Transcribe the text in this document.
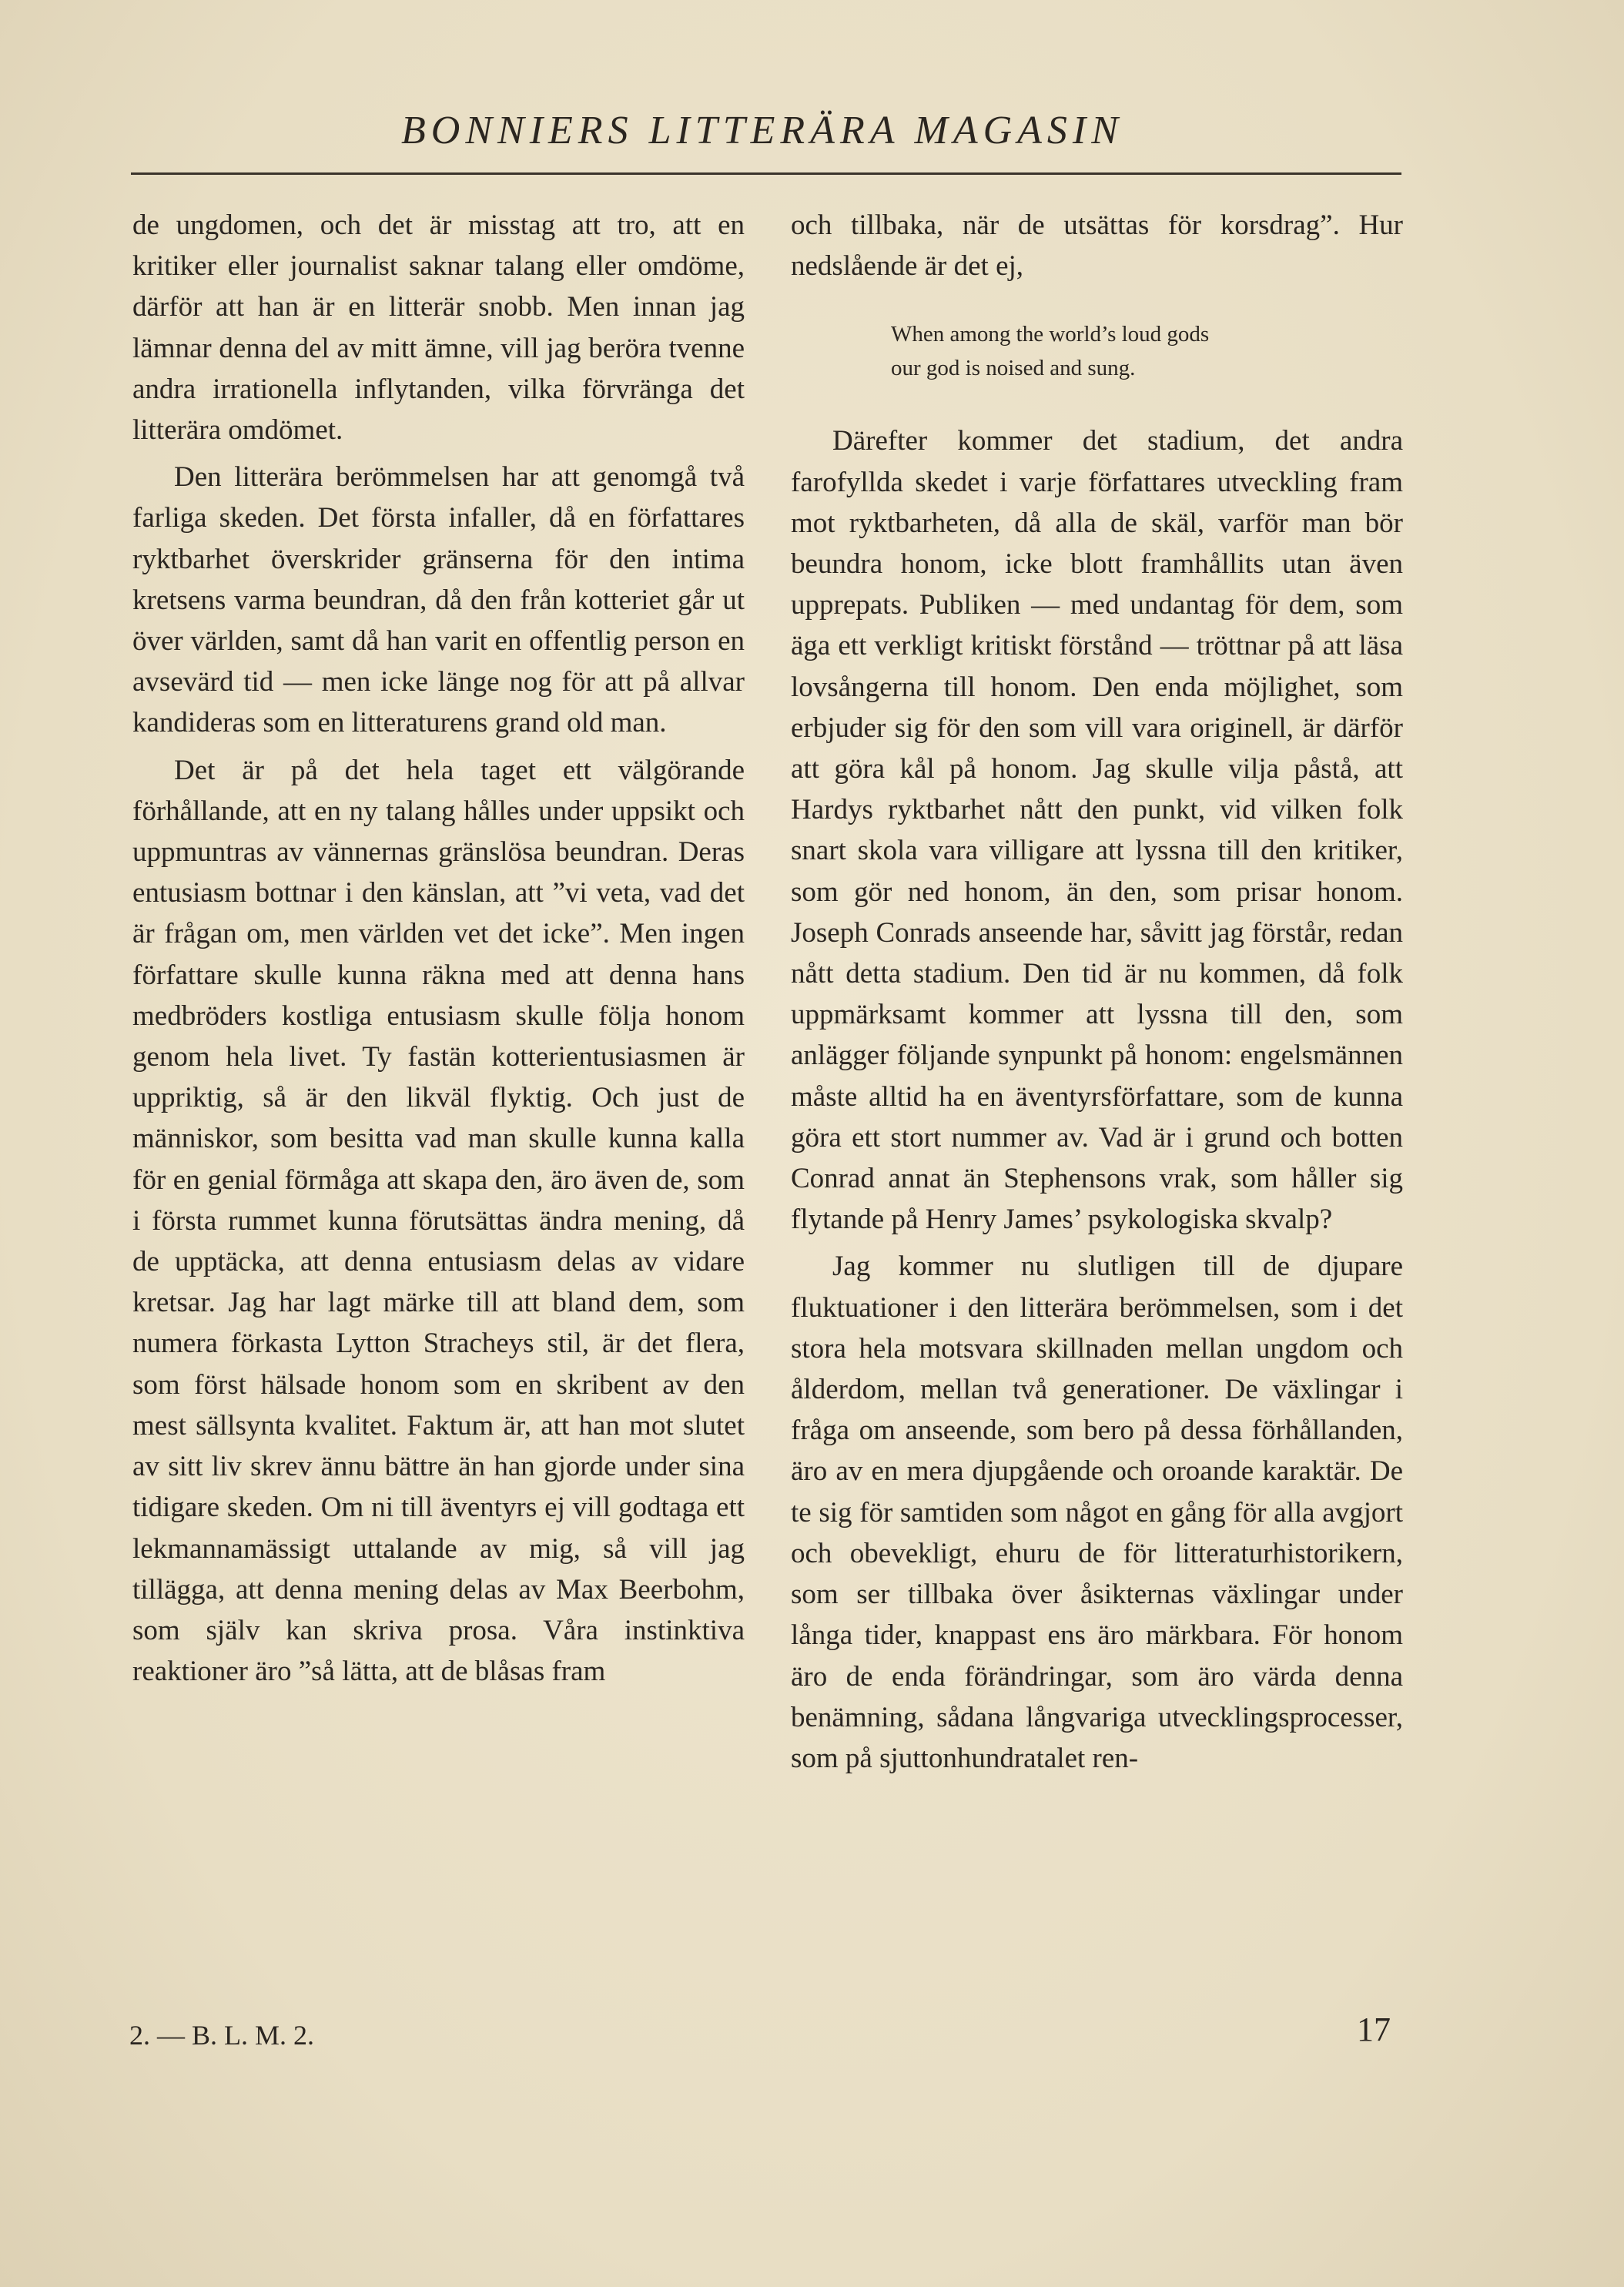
BONNIERS LITTERÄRA MAGASIN

de ungdomen, och det är misstag att tro, att en kritiker eller journalist saknar talang eller omdöme, därför att han är en litterär snobb. Men innan jag lämnar denna del av mitt ämne, vill jag beröra tvenne andra irrationella inflytanden, vilka förvränga det litterära omdömet.

Den litterära berömmelsen har att genomgå två farliga skeden. Det första infaller, då en författares ryktbarhet överskrider gränserna för den intima kretsens varma beundran, då den från kotteriet går ut över världen, samt då han varit en offentlig person en avsevärd tid — men icke länge nog för att på allvar kandideras som en litteraturens grand old man.

Det är på det hela taget ett välgörande förhållande, att en ny talang hålles under uppsikt och uppmuntras av vännernas gränslösa beundran. Deras entusiasm bottnar i den känslan, att ”vi veta, vad det är frågan om, men världen vet det icke”. Men ingen författare skulle kunna räkna med att denna hans medbröders kostliga entusiasm skulle följa honom genom hela livet. Ty fastän kotterientusiasmen är uppriktig, så är den likväl flyktig. Och just de människor, som besitta vad man skulle kunna kalla för en genial förmåga att skapa den, äro även de, som i första rummet kunna förutsättas ändra mening, då de upptäcka, att denna entusiasm delas av vidare kretsar. Jag har lagt märke till att bland dem, som numera förkasta Lytton Stracheys stil, är det flera, som först hälsade honom som en skribent av den mest sällsynta kvalitet. Faktum är, att han mot slutet av sitt liv skrev ännu bättre än han gjorde under sina tidigare skeden. Om ni till äventyrs ej vill godtaga ett lekmannamässigt uttalande av mig, så vill jag tillägga, att denna mening delas av Max Beerbohm, som själv kan skriva prosa. Våra instinktiva reaktioner äro ”så lätta, att de blåsas fram

och tillbaka, när de utsättas för korsdrag”. Hur nedslående är det ej,

When among the world’s loud gods
our god is noised and sung.

Därefter kommer det stadium, det andra farofyllda skedet i varje författares utveckling fram mot ryktbarheten, då alla de skäl, varför man bör beundra honom, icke blott framhållits utan även upprepats. Publiken — med undantag för dem, som äga ett verkligt kritiskt förstånd — tröttnar på att läsa lovsångerna till honom. Den enda möjlighet, som erbjuder sig för den som vill vara originell, är därför att göra kål på honom. Jag skulle vilja påstå, att Hardys ryktbarhet nått den punkt, vid vilken folk snart skola vara villigare att lyssna till den kritiker, som gör ned honom, än den, som prisar honom. Joseph Conrads anseende har, såvitt jag förstår, redan nått detta stadium. Den tid är nu kommen, då folk uppmärksamt kommer att lyssna till den, som anlägger följande synpunkt på honom: engelsmännen måste alltid ha en äventyrsförfattare, som de kunna göra ett stort nummer av. Vad är i grund och botten Conrad annat än Stephensons vrak, som håller sig flytande på Henry James’ psykologiska skvalp?

Jag kommer nu slutligen till de djupare fluktuationer i den litterära berömmelsen, som i det stora hela motsvara skillnaden mellan ungdom och ålderdom, mellan två generationer. De växlingar i fråga om anseende, som bero på dessa förhållanden, äro av en mera djupgående och oroande karaktär. De te sig för samtiden som något en gång för alla avgjort och obevekligt, ehuru de för litteraturhistorikern, som ser tillbaka över åsikternas växlingar under långa tider, knappast ens äro märkbara. För honom äro de enda förändringar, som äro värda denna benämning, sådana långvariga utvecklingsprocesser, som på sjuttonhundratalet ren-

2. — B. L. M. 2.	17
